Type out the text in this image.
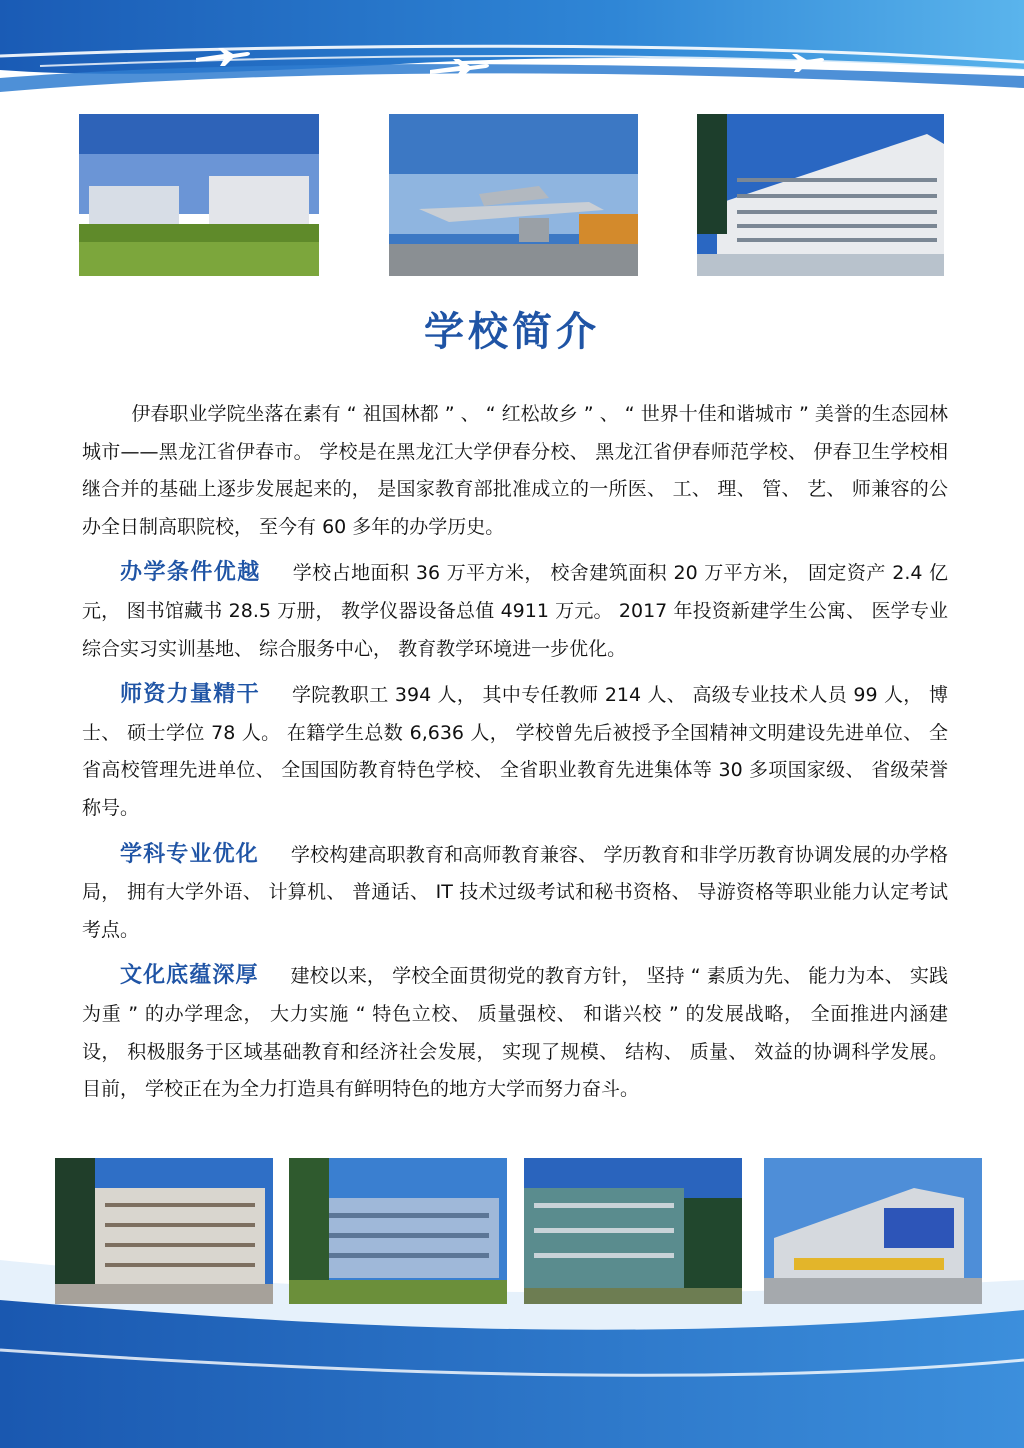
学校简介

伊春职业学院坐落在素有 “ 祖国林都 ” 、 “ 红松故乡 ” 、 “ 世界十佳和谐城市 ” 美誉的生态园林城市——黑龙江省伊春市。 学校是在黑龙江大学伊春分校、 黑龙江省伊春师范学校、 伊春卫生学校相继合并的基础上逐步发展起来的， 是国家教育部批准成立的一所医、 工、 理、 管、 艺、 师兼容的公办全日制高职院校， 至今有 60 多年的办学历史。

办学条件优越 学校占地面积 36 万平方米， 校舍建筑面积 20 万平方米， 固定资产 2.4 亿元， 图书馆藏书 28.5 万册， 教学仪器设备总值 4911 万元。 2017 年投资新建学生公寓、 医学专业综合实习实训基地、 综合服务中心， 教育教学环境进一步优化。

师资力量精干 学院教职工 394 人， 其中专任教师 214 人、 高级专业技术人员 99 人， 博士、 硕士学位 78 人。 在籍学生总数 6,636 人， 学校曾先后被授予全国精神文明建设先进单位、 全省高校管理先进单位、 全国国防教育特色学校、 全省职业教育先进集体等 30 多项国家级、 省级荣誉称号。

学科专业优化 学校构建高职教育和高师教育兼容、 学历教育和非学历教育协调发展的办学格局， 拥有大学外语、 计算机、 普通话、 IT 技术过级考试和秘书资格、 导游资格等职业能力认定考试考点。

文化底蕴深厚 建校以来， 学校全面贯彻党的教育方针， 坚持 “ 素质为先、 能力为本、 实践为重 ” 的办学理念， 大力实施 “ 特色立校、 质量强校、 和谐兴校 ” 的发展战略， 全面推进内涵建设， 积极服务于区域基础教育和经济社会发展， 实现了规模、 结构、 质量、 效益的协调科学发展。 目前， 学校正在为全力打造具有鲜明特色的地方大学而努力奋斗。
